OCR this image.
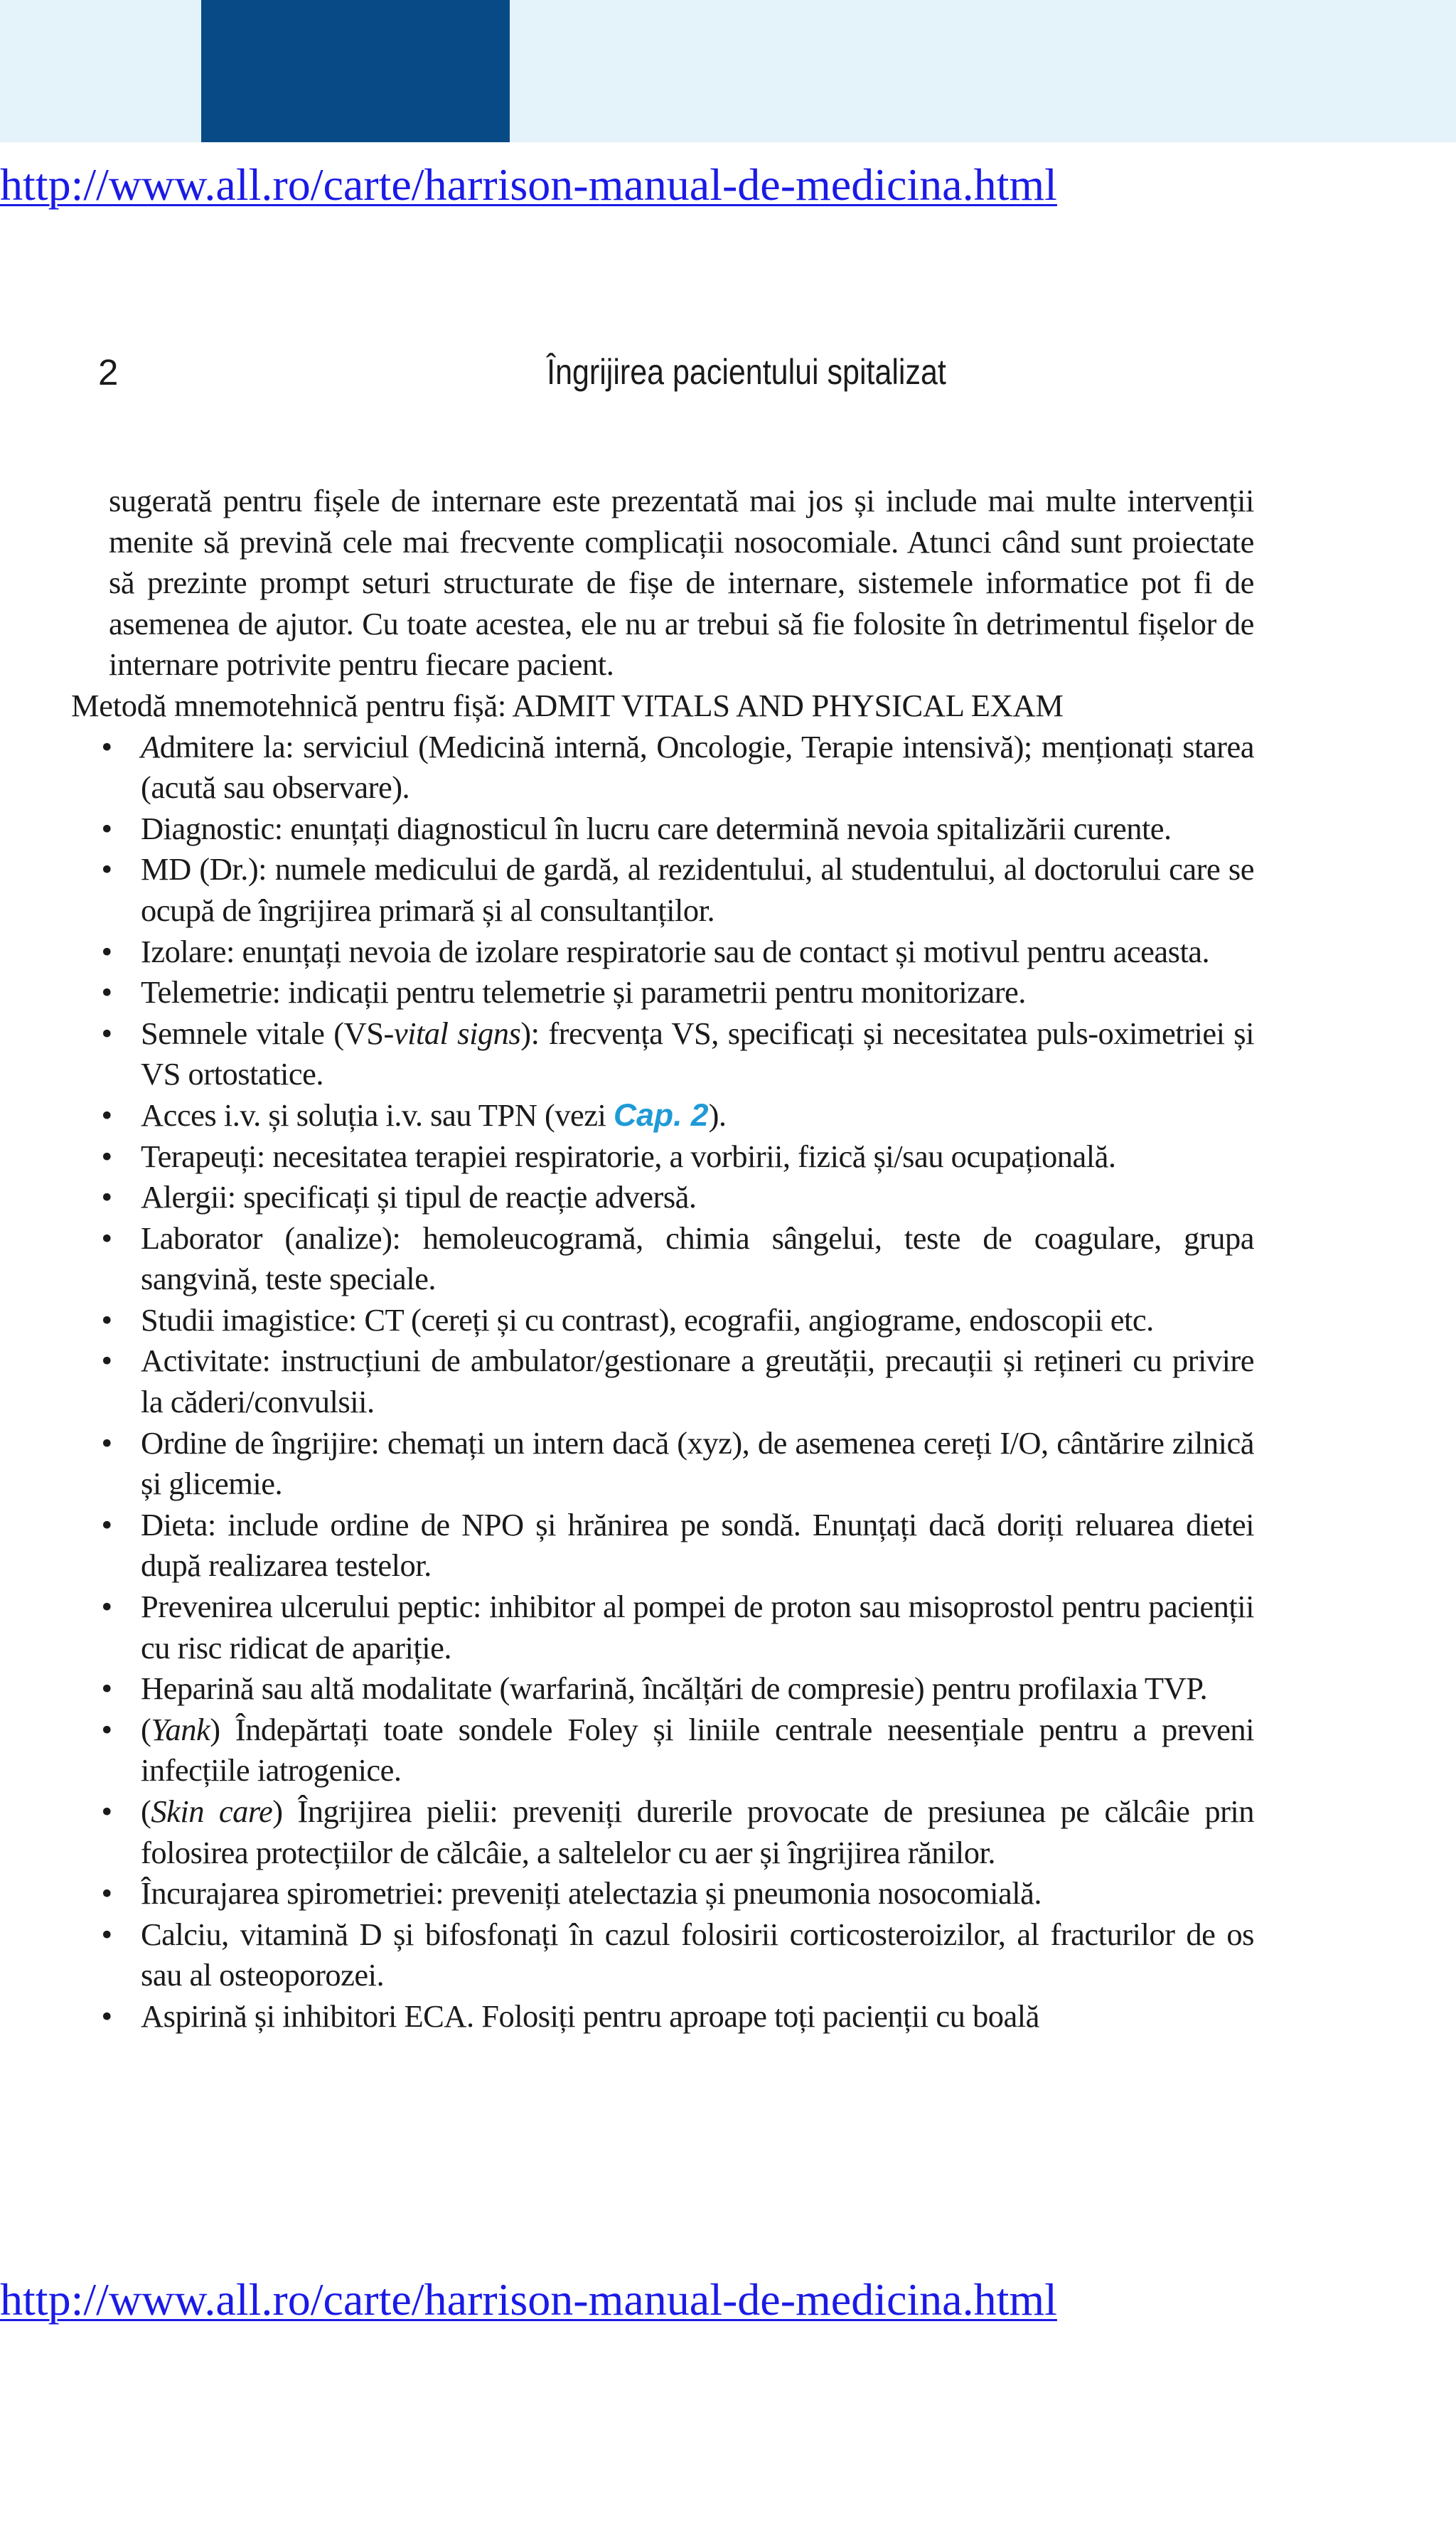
http://www.all.ro/carte/harrison-manual-de-medicina.html
2	Îngrijirea pacientului spitalizat

sugerată pentru fișele de internare este prezentată mai jos și include mai multe intervenții menite să prevină cele mai frecvente complicații nosocomiale. Atunci când sunt proiectate să prezinte prompt seturi structurate de fișe de internare, sistemele informatice pot fi de asemenea de ajutor. Cu toate acestea, ele nu ar trebui să fie folosite în detrimentul fișelor de internare potrivite pentru fiecare pacient.

Metodă mnemotehnică pentru fișă: ADMIT VITALS AND PHYSICAL EXAM

• Admitere la: serviciul (Medicină internă, Oncologie, Terapie intensivă); menționați starea (acută sau observare).
• Diagnostic: enunțați diagnosticul în lucru care determină nevoia spitalizării curente.
• MD (Dr.): numele medicului de gardă, al rezidentului, al studentului, al doctorului care se ocupă de îngrijirea primară și al consultanților.
• Izolare: enunțați nevoia de izolare respiratorie sau de contact și motivul pentru aceasta.
• Telemetrie: indicații pentru telemetrie și parametrii pentru monitorizare.
• Semnele vitale (VS-vital signs): frecvența VS, specificați și necesitatea puls-oximetriei și VS ortostatice.
• Acces i.v. și soluția i.v. sau TPN (vezi Cap. 2).
• Terapeuți: necesitatea terapiei respiratorie, a vorbirii, fizică și/sau ocupațională.
• Alergii: specificați și tipul de reacție adversă.
• Laborator (analize): hemoleucogramă, chimia sângelui, teste de coagulare, grupa sangvină, teste speciale.
• Studii imagistice: CT (cereți și cu contrast), ecografii, angiograme, endoscopii etc.
• Activitate: instrucțiuni de ambulator/gestionare a greutății, precauții și rețineri cu privire la căderi/convulsii.
• Ordine de îngrijire: chemați un intern dacă (xyz), de asemenea cereți I/O, cântărire zilnică și glicemie.
• Dieta: include ordine de NPO și hrănirea pe sondă. Enunțați dacă doriți reluarea dietei după realizarea testelor.
• Prevenirea ulcerului peptic: inhibitor al pompei de proton sau misoprostol pentru pacienții cu risc ridicat de apariție.
• Heparină sau altă modalitate (warfarină, încălțări de compresie) pentru profilaxia TVP.
• (Yank) Îndepărtați toate sondele Foley și liniile centrale neesențiale pentru a preveni infecțiile iatrogenice.
• (Skin care) Îngrijirea pielii: preveniți durerile provocate de presiunea pe călcâie prin folosirea protecțiilor de călcâie, a saltelelor cu aer și îngrijirea rănilor.
• Încurajarea spirometriei: preveniți atelectazia și pneumonia nosocomială.
• Calciu, vitamină D și bifosfonați în cazul folosirii corticosteroizilor, al fracturilor de os sau al osteoporozei.
• Aspirină și inhibitori ECA. Folosiți pentru aproape toți pacienții cu boală
http://www.all.ro/carte/harrison-manual-de-medicina.html
